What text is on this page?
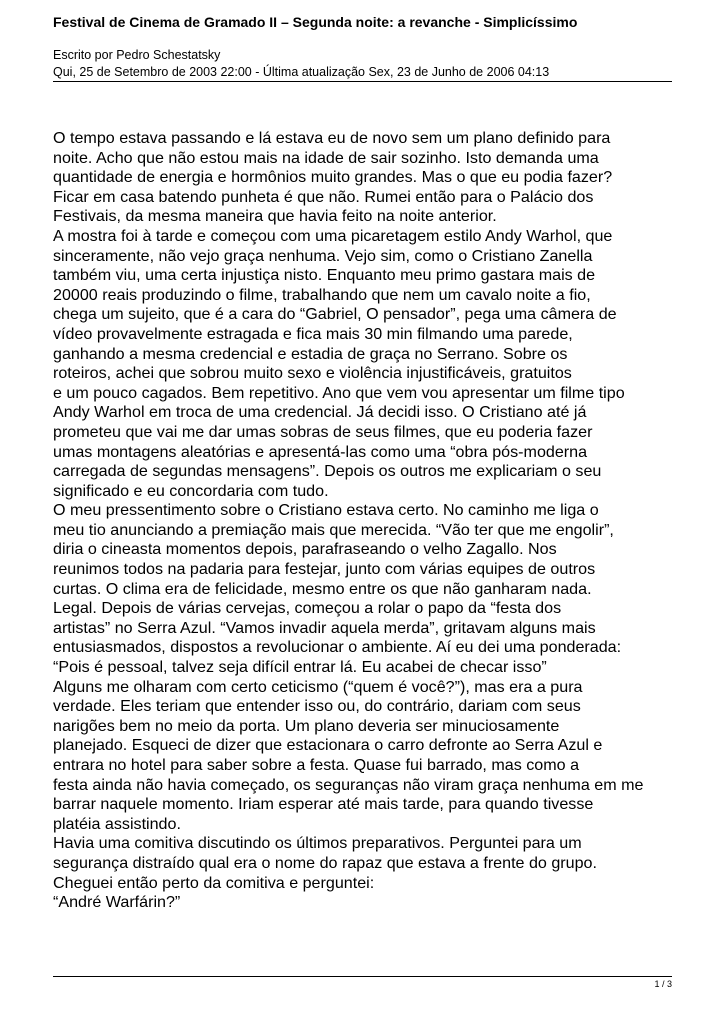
Festival de Cinema de Gramado II – Segunda noite: a revanche - Simplicíssimo
Escrito por Pedro Schestatsky
Qui, 25 de Setembro de 2003 22:00 - Última atualização Sex, 23 de Junho de 2006 04:13
O tempo estava passando e lá estava eu de novo sem um plano definido para
noite. Acho que não estou mais na idade de sair sozinho. Isto demanda uma
quantidade de energia e hormônios muito grandes. Mas o que eu podia fazer?
Ficar em casa batendo punheta é que não. Rumei então para o Palácio dos
Festivais, da mesma maneira que havia feito na noite anterior.
A mostra foi à tarde e começou com uma picaretagem estilo Andy Warhol, que
sinceramente, não vejo graça nenhuma. Vejo sim, como o Cristiano Zanella
também viu, uma certa injustiça nisto. Enquanto meu primo gastara mais de
20000 reais produzindo o filme, trabalhando que nem um cavalo noite a fio,
chega um sujeito, que é a cara do “Gabriel, O pensador”, pega uma câmera de
vídeo provavelmente estragada e fica mais 30 min filmando uma parede,
ganhando a mesma credencial e estadia de graça no Serrano. Sobre os
roteiros, achei que sobrou muito sexo e violência injustificáveis, gratuitos
e um pouco cagados. Bem repetitivo. Ano que vem vou apresentar um filme tipo
Andy Warhol em troca de uma credencial. Já decidi isso. O Cristiano até já
prometeu que vai me dar umas sobras de seus filmes, que eu poderia fazer
umas montagens aleatórias e apresentá-las como uma “obra pós-moderna
carregada de segundas mensagens”. Depois os outros me explicariam o seu
significado e eu concordaria com tudo.
O meu pressentimento sobre o Cristiano estava certo. No caminho me liga o
meu tio anunciando a premiação mais que merecida. “Vão ter que me engolir”,
diria o cineasta momentos depois, parafraseando o velho Zagallo. Nos
reunimos todos na padaria para festejar, junto com várias equipes de outros
curtas. O clima era de felicidade, mesmo entre os que não ganharam nada.
Legal. Depois de várias cervejas, começou a rolar o papo da “festa dos
artistas” no Serra Azul. “Vamos invadir aquela merda”, gritavam alguns mais
entusiasmados, dispostos a revolucionar o ambiente. Aí eu dei uma ponderada:
“Pois é pessoal, talvez seja difícil entrar lá. Eu acabei de checar isso”
Alguns me olharam com certo ceticismo (“quem é você?”), mas era a pura
verdade. Eles teriam que entender isso ou, do contrário, dariam com seus
narigões bem no meio da porta. Um plano deveria ser minuciosamente
planejado. Esqueci de dizer que estacionara o carro defronte ao Serra Azul e
entrara no hotel para saber sobre a festa. Quase fui barrado, mas como a
festa ainda não havia começado, os seguranças não viram graça nenhuma em me
barrar naquele momento. Iriam esperar até mais tarde, para quando tivesse
platéia assistindo.
Havia uma comitiva discutindo os últimos preparativos. Perguntei para um
segurança distraído qual era o nome do rapaz que estava a frente do grupo.
Cheguei então perto da comitiva e perguntei:
“André Warfárin?”
1 / 3
